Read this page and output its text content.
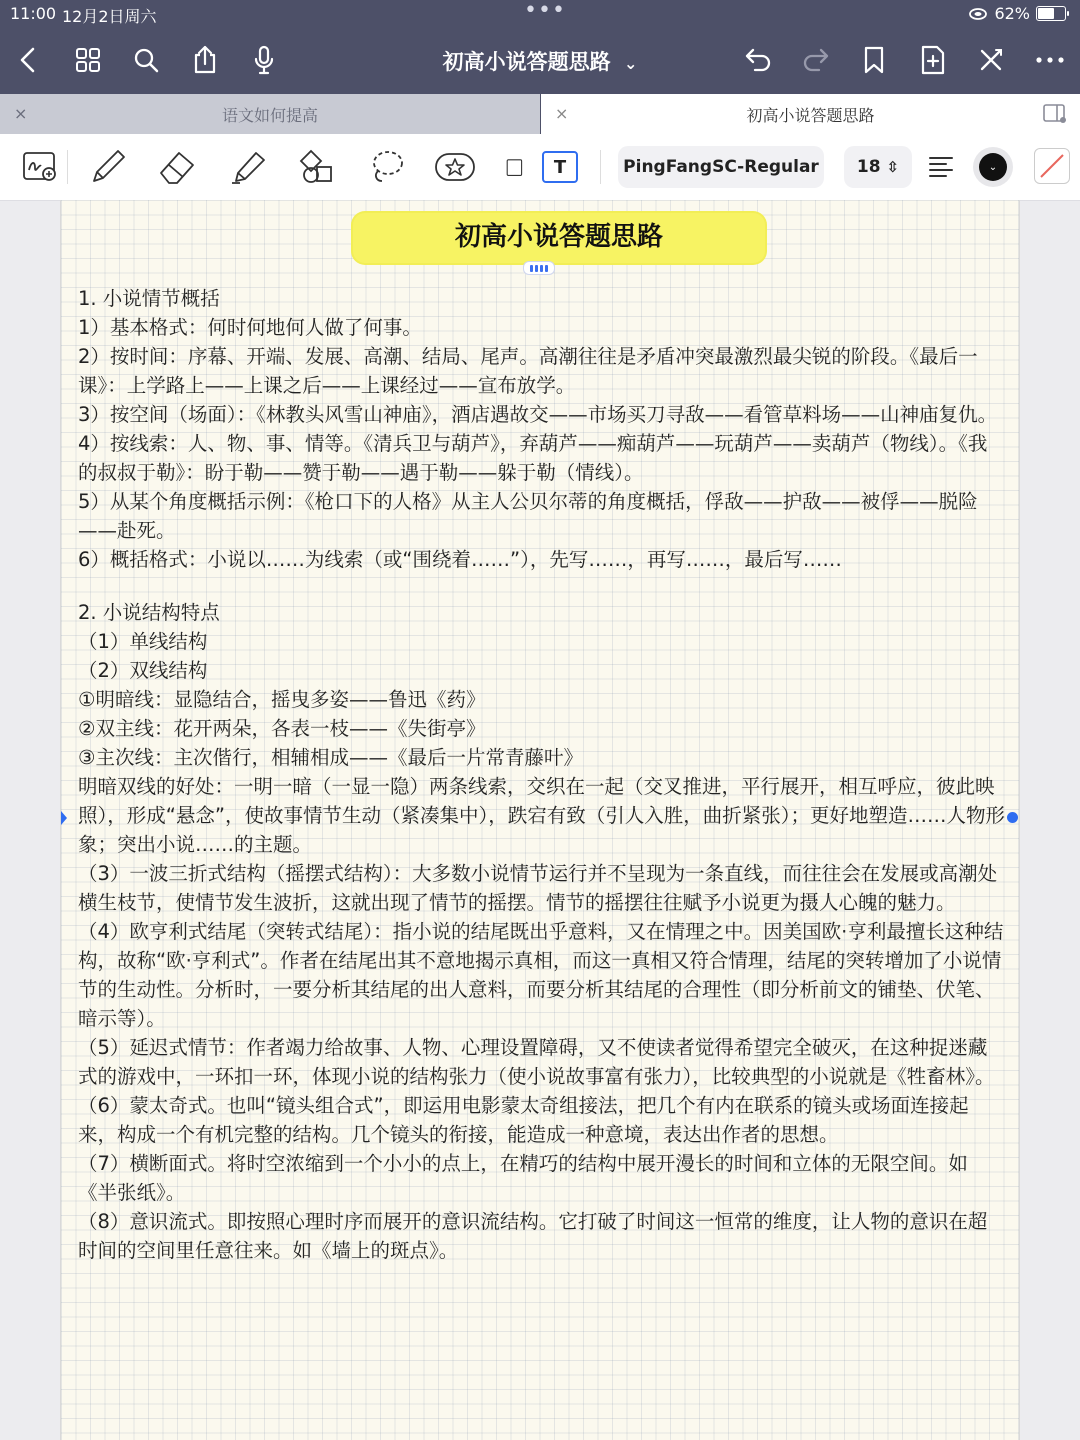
11:00 12月2日周六	•••	62%
初高小说答题思路 ⌄
×	语文如何提高	×	初高小说答题思路
T	PingFangSC-Regular 18 ⇳	⌄
初高小说答题思路

1. 小说情节概括

1）基本格式：何时何地何人做了何事。

2）按时间：序幕、开端、发展、高潮、结局、尾声。高潮往往是矛盾冲突最激烈最尖锐的阶段。《最后一课》：上学路上——上课之后——上课经过——宣布放学。

3）按空间（场面）：《林教头风雪山神庙》，酒店遇故交——市场买刀寻敌——看管草料场——山神庙复仇。

4）按线索：人、物、事、情等。《清兵卫与葫芦》，弃葫芦——痴葫芦——玩葫芦——卖葫芦（物线）。《我的叔叔于勒》：盼于勒——赞于勒——遇于勒——躲于勒（情线）。

5）从某个角度概括示例：《枪口下的人格》从主人公贝尔蒂的角度概括，俘敌——护敌——被俘——脱险——赴死。

6）概括格式：小说以……为线索（或“围绕着……”），先写……，再写……，最后写……

2. 小说结构特点

（1）单线结构

（2）双线结构

①明暗线：显隐结合，摇曳多姿——鲁迅《药》

②双主线：花开两朵，各表一枝——《失街亭》

③主次线：主次偕行，相辅相成——《最后一片常青藤叶》

明暗双线的好处：一明一暗（一显一隐）两条线索，交织在一起（交叉推进，平行展开，相互呼应，彼此映照），形成“悬念”，使故事情节生动（紧凑集中），跌宕有致（引人入胜，曲折紧张）；更好地塑造……人物形象；突出小说……的主题。

（3）一波三折式结构（摇摆式结构）：大多数小说情节运行并不呈现为一条直线，而往往会在发展或高潮处横生枝节，使情节发生波折，这就出现了情节的摇摆。情节的摇摆往往赋予小说更为摄人心魄的魅力。

（4）欧亨利式结尾（突转式结尾）：指小说的结尾既出乎意料，又在情理之中。因美国欧·亨利最擅长这种结构，故称“欧·亨利式”。作者在结尾出其不意地揭示真相，而这一真相又符合情理，结尾的突转增加了小说情节的生动性。分析时，一要分析其结尾的出人意料，而要分析其结尾的合理性（即分析前文的铺垫、伏笔、暗示等）。

（5）延迟式情节：作者竭力给故事、人物、心理设置障碍，又不使读者觉得希望完全破灭，在这种捉迷藏式的游戏中，一环扣一环，体现小说的结构张力（使小说故事富有张力），比较典型的小说就是《牲畜林》。

（6）蒙太奇式。也叫“镜头组合式”，即运用电影蒙太奇组接法，把几个有内在联系的镜头或场面连接起来，构成一个有机完整的结构。几个镜头的衔接，能造成一种意境，表达出作者的思想。

（7）横断面式。将时空浓缩到一个小小的点上，在精巧的结构中展开漫长的时间和立体的无限空间。如《半张纸》。

（8）意识流式。即按照心理时序而展开的意识流结构。它打破了时间这一恒常的维度，让人物的意识在超时间的空间里任意往来。如《墙上的斑点》。
